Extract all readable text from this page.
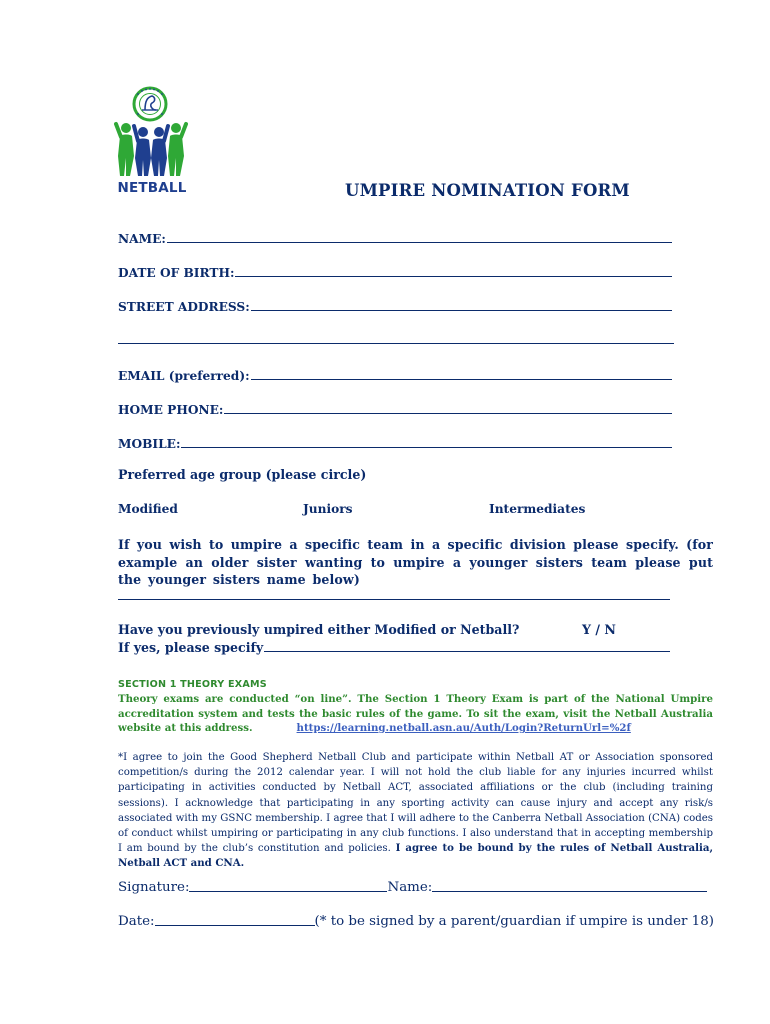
NETBALL	UMPIRE NOMINATION FORM
NAME:
DATE OF BIRTH:
STREET ADDRESS:
EMAIL (preferred):
HOME PHONE:
MOBILE:
Preferred age group (please circle)
Modified	Juniors	Intermediates
If you wish to umpire a specific team in a specific division please specify. (for example an older sister wanting to umpire a younger sisters team please put the younger sisters name below)
Have you previously umpired either Modified or Netball?	Y / N
If yes, please specify
SECTION 1 THEORY EXAMS
Theory exams are conducted “on line”. The Section 1 Theory Exam is part of the National Umpire accreditation system and tests the basic rules of the game. To sit the exam, visit the Netball Australia website at this address.	https://learning.netball.asn.au/Auth/Login?ReturnUrl=%2f
*I agree to join the Good Shepherd Netball Club and participate within Netball AT or Association sponsored competition/s during the 2012 calendar year. I will not hold the club liable for any injuries incurred whilst participating in activities conducted by Netball ACT, associated affiliations or the club (including training sessions). I acknowledge that participating in any sporting activity can cause injury and accept any risk/s associated with my GSNC membership. I agree that I will adhere to the Canberra Netball Association (CNA) codes of conduct whilst umpiring or participating in any club functions. I also understand that in accepting membership I am bound by the club’s constitution and policies. I agree to be bound by the rules of Netball Australia, Netball ACT and CNA.
Signature:	Name:
Date:	(* to be signed by a parent/guardian if umpire is under 18)
